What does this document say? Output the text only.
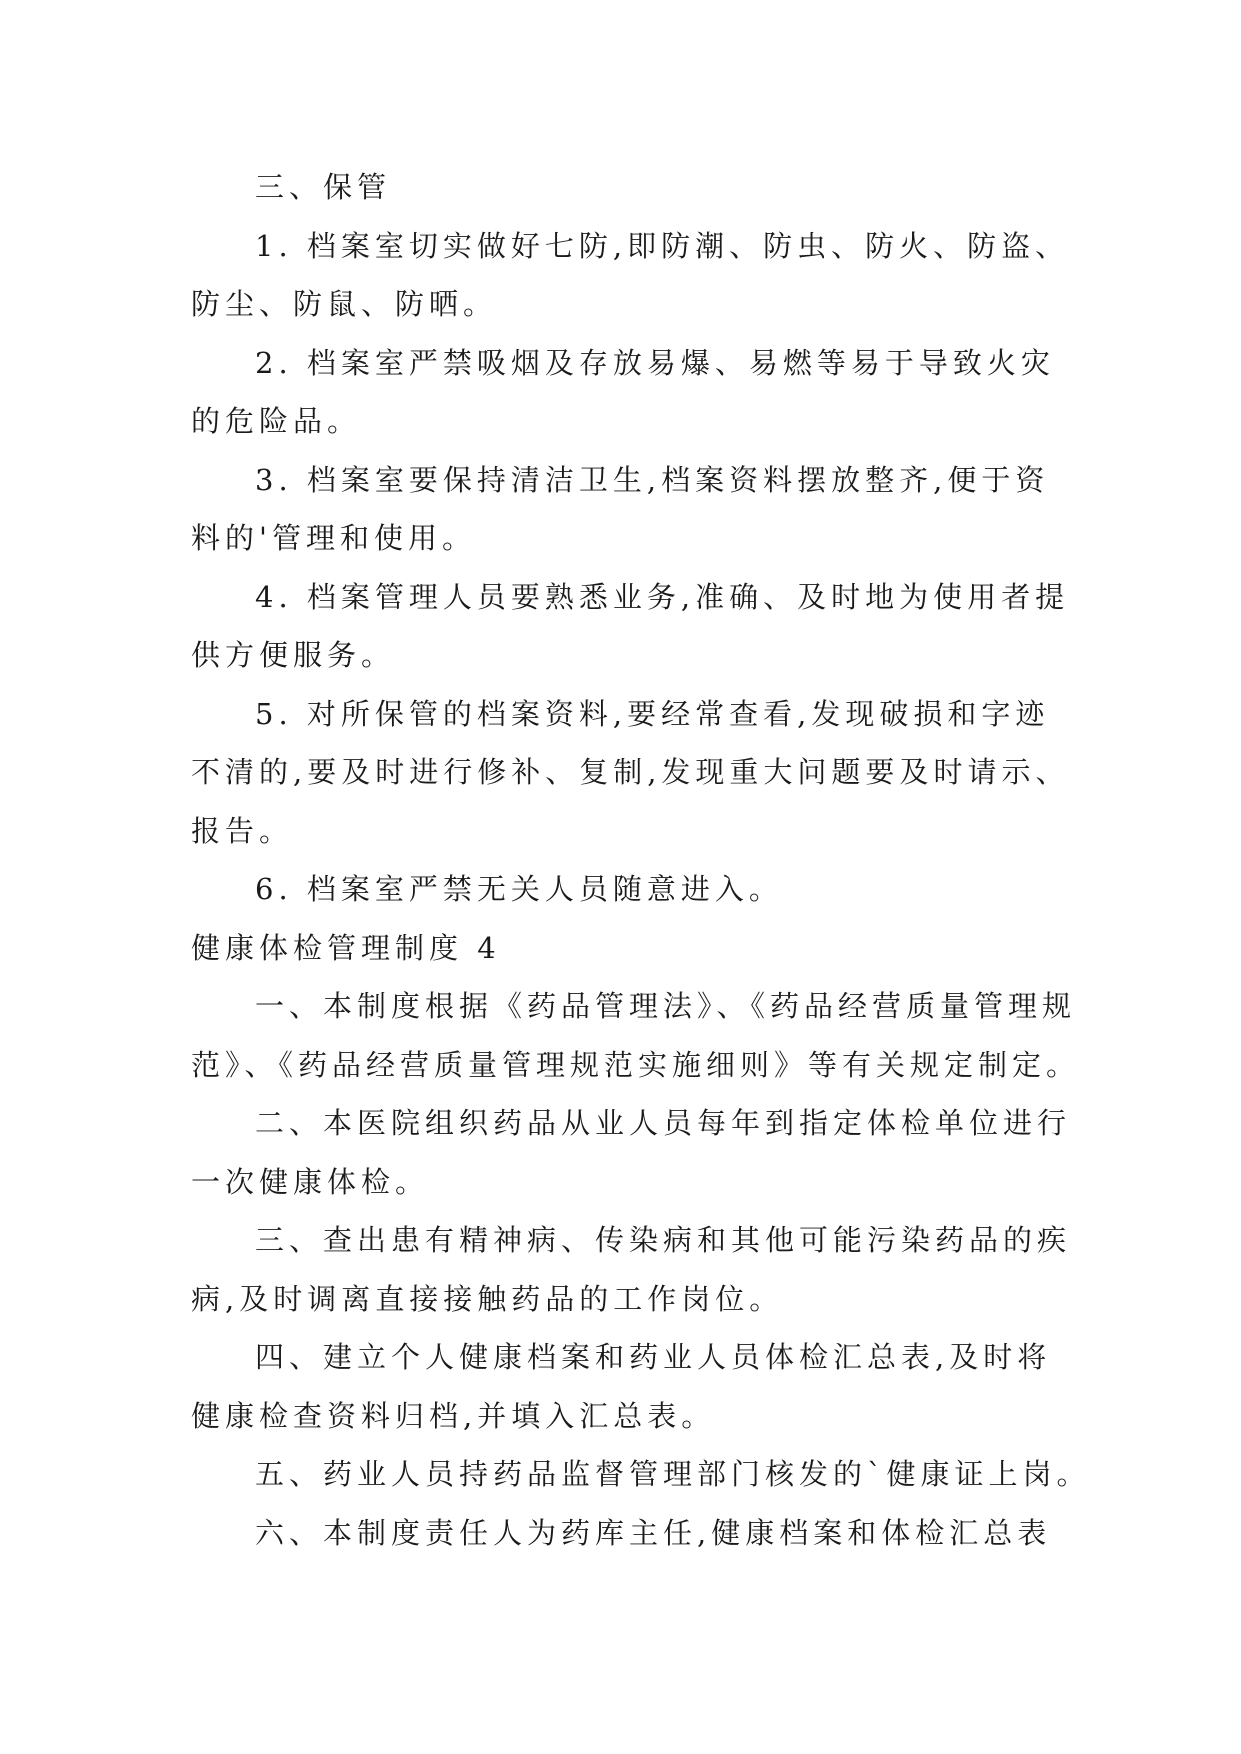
三、保管
1. 档案室切实做好七防,即防潮、防虫、防火、防盗、
防尘、防鼠、防晒。
2. 档案室严禁吸烟及存放易爆、易燃等易于导致火灾
的危险品。
3. 档案室要保持清洁卫生,档案资料摆放整齐,便于资
料的'管理和使用。
4. 档案管理人员要熟悉业务,准确、及时地为使用者提
供方便服务。
5. 对所保管的档案资料,要经常查看,发现破损和字迹
不清的,要及时进行修补、复制,发现重大问题要及时请示、
报告。
6. 档案室严禁无关人员随意进入。
健康体检管理制度 4
一、本制度根据《药品管理法》、《药品经营质量管理规
范》、《药品经营质量管理规范实施细则》等有关规定制定。
二、本医院组织药品从业人员每年到指定体检单位进行
一次健康体检。
三、查出患有精神病、传染病和其他可能污染药品的疾
病,及时调离直接接触药品的工作岗位。
四、建立个人健康档案和药业人员体检汇总表,及时将
健康检查资料归档,并填入汇总表。
五、药业人员持药品监督管理部门核发的`健康证上岗。
六、本制度责任人为药库主任,健康档案和体检汇总表
